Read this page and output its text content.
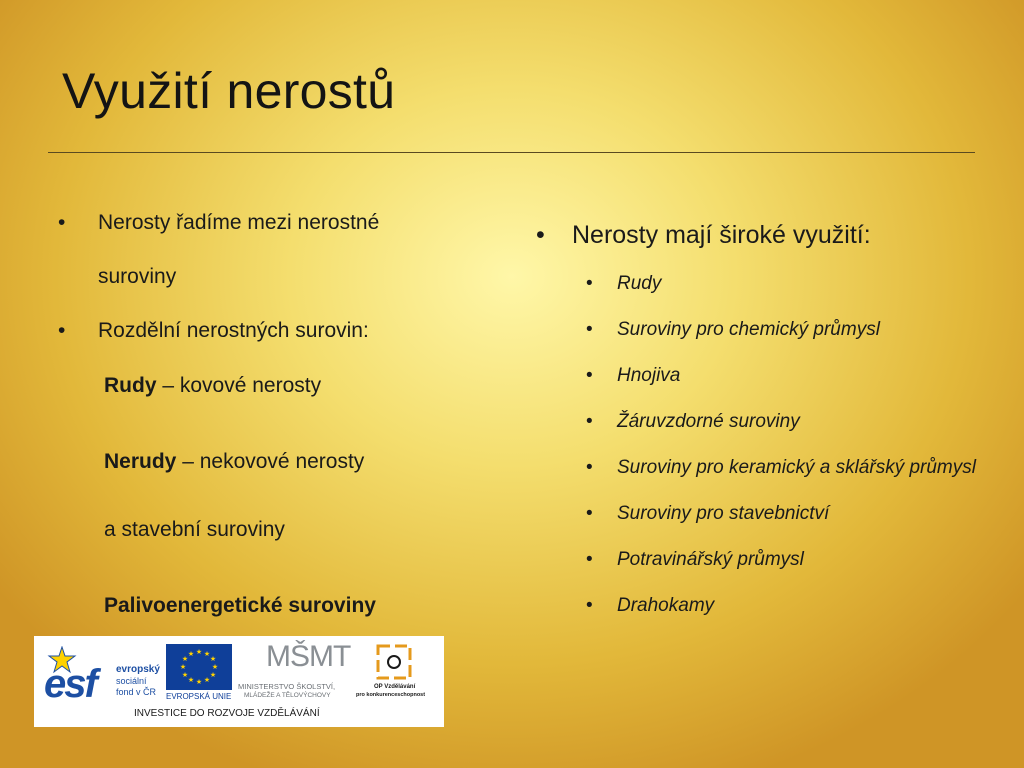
Využití nerostů
• Nerosty řadíme mezi nerostné
suroviny
• Rozdělní nerostných surovin:
Rudy – kovové nerosty
Nerudy – nekovové nerosty
a stavební suroviny
Palivoenergetické suroviny
• Nerosty mají široké využití:
• Rudy
• Suroviny pro chemický průmysl
• Hnojiva
• Žáruvzdorné suroviny
• Suroviny pro keramický a sklářský průmysl
• Suroviny pro stavebnictví
• Potravinářský průmysl
• Drahokamy
esf evropský
sociální
fond v ČR
★ ★
★
★
★
★
★
★
★
★
★
★
EVROPSKÁ UNIE
MŠMT
MINISTERSTVO ŠKOLSTVÍ,
MLÁDEŽE A TĚLOVÝCHOVY
OP Vzdělávání
pro konkurenceschopnost
INVESTICE DO ROZVOJE VZDĚLÁVÁNÍ
